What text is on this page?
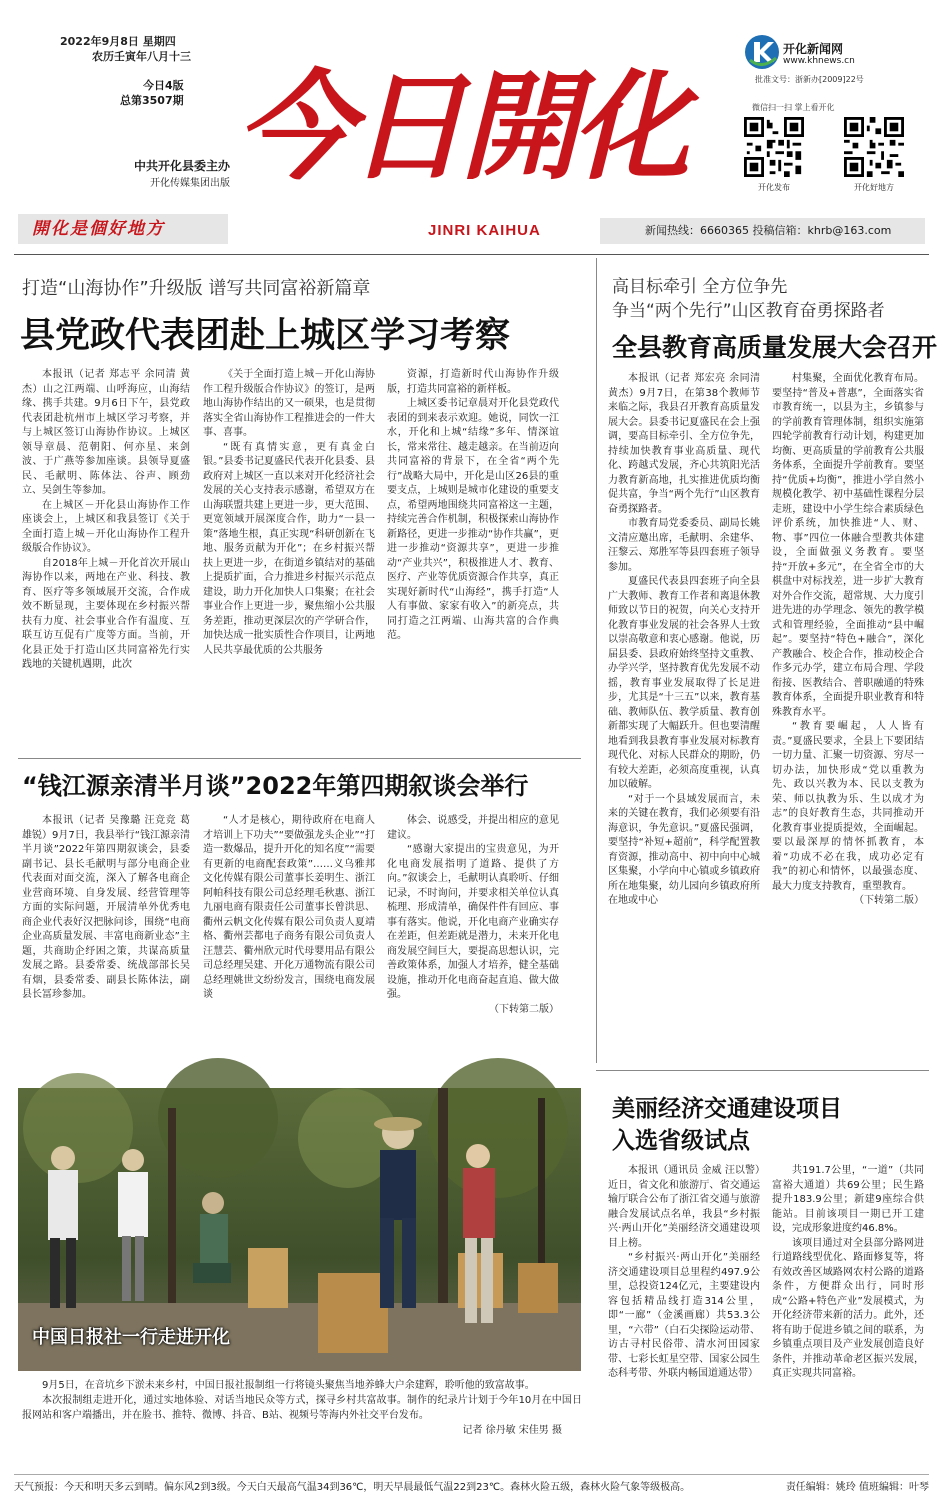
2022年9月8日 星期四
农历壬寅年八月十三
今日4版
总第3507期
中共开化县委主办
开化传媒集团出版 今日開化
JINRI KAIHUA
開化是個好地方
开化新闻网
www.khnews.cn
批准文号：浙新办[2009]22号
微信扫一扫 掌上看开化
开化发布	开化好地方
新闻热线：6660365 投稿信箱：khrb@163.com
打造“山海协作”升级版 谱写共同富裕新篇章
县党政代表团赴上城区学习考察

本报讯（记者 郑志平 余同清 黄杰）山之江两端、山呼海应，山海结缘、携手共建。9月6日下午，县党政代表团赴杭州市上城区学习考察，并与上城区签订山海协作协议。上城区领导章晨、范朝阳、何亦星、来剑波、于广燕等参加座谈。县领导夏盛民、毛献明、陈体法、谷声、顾劲立、吴剑生等参加。

在上城区－开化县山海协作工作座谈会上，上城区和我县签订《关于全面打造上城－开化山海协作工程升级版合作协议》。

自2018年上城－开化首次开展山海协作以来，两地在产业、科技、教育、医疗等多领域展开交流，合作成效不断显现，主要体现在乡村振兴帮扶有力度、社会事业合作有温度、互联互访互促有广度等方面。当前，开化县正处于打造山区共同富裕先行实践地的关键机遇期，此次

《关于全面打造上城－开化山海协作工程升级版合作协议》的签订，是两地山海协作结出的又一硕果，也是贯彻落实全省山海协作工程推进会的一件大事、喜事。

“既有真情实意，更有真金白银。”县委书记夏盛民代表开化县委、县政府对上城区一直以来对开化经济社会发展的关心支持表示感谢，希望双方在山海联盟共建上更进一步，更大范围、更宽领域开展深度合作，助力“一县一策”落地生根，真正实现“科研创新在飞地、服务贡献为开化”；在乡村振兴帮扶上更进一步，在街道乡镇结对的基础上提质扩面，合力推进乡村振兴示范点建设，助力开化加快人口集聚；在社会事业合作上更进一步，聚焦缩小公共服务差距，推动更深层次的产学研合作，加快达成一批实质性合作项目，让两地人民共享最优质的公共服务

资源，打造新时代山海协作升级版，打造共同富裕的新样板。

上城区委书记章晨对开化县党政代表团的到来表示欢迎。她说，同饮一江水，开化和上城“结缘”多年、情深谊长，常来常往、越走越亲。在当前迈向共同富裕的背景下，在全省“两个先行”战略大局中，开化是山区26县的重要支点，上城则是城市化建设的重要支点，希望两地围绕共同富裕这一主题，持续完善合作机制，积极探索山海协作新路径，更进一步推动“协作共赢”，更进一步推动“资源共享”，更进一步推动“产业共兴”，积极推进人才、教育、医疗、产业等优质资源合作共享，真正实现好新时代“山海经”，携手打造“人人有事做、家家有收入”的新亮点，共同打造之江两端、山海共富的合作典范。

“钱江源亲清半月谈”2022年第四期叙谈会举行

本报讯（记者 吴豫璐 汪竞竞 葛雄锐）9月7日，我县举行“钱江源亲清半月谈”2022年第四期叙谈会，县委副书记、县长毛献明与部分电商企业代表面对面交流，深入了解各电商企业营商环境、自身发展、经营管理等方面的实际问题，开展清单外优秀电商企业代表好汉把脉问诊，围绕“电商企业高质量发展、丰富电商新业态”主题，共商助企纾困之策，共谋高质量发展之路。县委常委、统战部部长吴有烟，县委常委、副县长陈体法，副县长冨珍参加。

“人才是核心，期待政府在电商人才培训上下功夫”“要做强龙头企业”“打造一数爆品，提升开化的知名度”“需要有更新的电商配套政策”……义乌雅邦文化传媒有限公司董事长姜明生、浙江阿帕科技有限公司总经理毛秋惠、浙江九丽电商有限责任公司董事长曾洪思、衢州云帆文化传媒有限公司负责人夏靖格、衢州芸都电子商务有限公司负责人汪慧芸、衢州欣元时代母婴用品有限公司总经理吴建、开化万通物流有限公司总经理姚世文纷纷发言，围绕电商发展谈

体会、说感受，并提出相应的意见建议。

“感谢大家提出的宝贵意见，为开化电商发展指明了道路、提供了方向。”叙谈会上，毛献明认真聆听、仔细记录，不时询问，并要求相关单位认真梳理、形成清单，确保件件有回应、事事有落实。他说，开化电商产业确实存在差距，但差距就是潜力，未来开化电商发展空间巨大，要提高思想认识，完善政策体系，加强人才培养，健全基础设施，推动开化电商奋起直追、做大做强。

（下转第二版）
高目标牵引 全方位争先
争当“两个先行”山区教育奋勇探路者
全县教育高质量发展大会召开

本报讯（记者 郑宏亮 余同清 黄杰）9月7日，在第38个教师节来临之际，我县召开教育高质量发展大会。县委书记夏盛民在会上强调，要高目标牵引、全方位争先，持续加快教育事业高质量、现代化、跨越式发展，齐心共筑阳光活力教育新高地，扎实推进优质均衡促共富，争当“两个先行”山区教育奋勇探路者。

市教育局党委委员、副局长姚文清应邀出席，毛献明、余建华、汪黎云、郑胜军等县四套班子领导参加。

夏盛民代表县四套班子向全县广大教师、教育工作者和离退休教师致以节日的祝贺，向关心支持开化教育事业发展的社会各界人士致以崇高敬意和衷心感谢。他说，历届县委、县政府始终坚持文重教、办学兴学，坚持教育优先发展不动摇，教育事业发展取得了长足进步，尤其是“十三五”以来，教育基础、教师队伍、教学质量、教育创新都实现了大幅跃升。但也要清醒地看到我县教育事业发展对标教育现代化、对标人民群众的期盼，仍有较大差距，必须高度重视，认真加以破解。

“对于一个县域发展而言，未来的关键在教育，我们必须要有沿海意识，争先意识。”夏盛民强调，要坚持“补短+超前”，科学配置教育资源，推动高中、初中向中心城区集聚，小学向中心镇或乡镇政府所在地集聚，幼儿园向乡镇政府所在地或中心

村集聚，全面优化教育布局。要坚持“普及+普惠”，全面落实省市教育统一，以县为主，乡镇参与的学前教育管理体制，组织实施第四轮学前教育行动计划，构建更加均衡、更高质量的学前教育公共服务体系，全面提升学前教育。要坚持“优质+均衡”，推进小学自然小规模化教学、初中基础性课程分层走班，建设中小学生综合素质绿色评价系统，加快推进“人、财、物、事”四位一体融合型教共体建设，全面做强义务教育。要坚持“开放+多元”，在全省全市的大棋盘中对标找差，进一步扩大教育对外合作交流，超常规、大力度引进先进的办学理念、领先的教学模式和管理经验，全面推动“县中崛起”。要坚持“特色+融合”，深化产教融合、校企合作，推动校企合作多元办学，建立布局合理、学段衔接、医教结合、普职融通的特殊教育体系，全面提升职业教育和特殊教育水平。

“教育要崛起，人人皆有责。”夏盛民要求，全县上下要团结一切力量、汇聚一切资源、穷尽一切办法，加快形成“党以重教为先、政以兴教为本、民以支教为荣、师以执教为乐、生以成才为志”的良好教育生态，共同推动开化教育事业提质提效，全面崛起。要以最深厚的情怀抓教育，本着“功成不必在我，成功必定有我”的初心和情怀，以最强态度、最大力度支持教育，重塑教育。

（下转第二版）
美丽经济交通建设项目
入选省级试点

本报讯（通讯员 金威 汪以警）近日，省文化和旅游厅、省交通运输厅联合公布了浙江省交通与旅游融合发展试点名单，我县“乡村振兴·两山开化”美丽经济交通建设项目上榜。

“乡村振兴·两山开化”美丽经济交通建设项目总里程约497.9公里，总投资124亿元，主要建设内容包括精品线打造314公里，即“一廊”（金溪画廊）共53.3公里，“六带”（白石尖探险运动带、访古寻村民俗带、清水河田园家带、七彩长虹星空带、国家公园生态科考带、外联内畅国道通达带）

共191.7公里，“一道”（共同富裕大通道）共69公里；民生路提升183.9公里；新建9座综合供能站。目前该项目一期已开工建设，完成形象进度约46.8%。

该项目通过对全县部分路网进行道路线型优化、路面修复等，将有效改善区域路网农村公路的道路条件，方便群众出行，同时形成“公路+特色产业”发展模式，为开化经济带来新的活力。此外，还将有助于促进乡镇之间的联系，为乡镇重点项目及产业发展创造良好条件，并推动革命老区振兴发展，真正实现共同富裕。

中国日报社一行走进开化

9月5日，在音坑乡下淤未来乡村，中国日报社报制组一行将镜头聚焦当地养蜂大户余建辉，聆听他的致富故事。

本次报制组走进开化，通过实地体验、对话当地民众等方式，探寻乡村共富故事。制作的纪录片计划于今年10月在中国日报网站和客户端播出，并在脸书、推特、微博、抖音、B站、视频号等海内外社交平台发布。

记者 徐丹敏 宋佳男 摄
天气预报：今天和明天多云到晴。偏东风2到3级。今天白天最高气温34到36℃，明天早晨最低气温22到23℃。森林火险五级，森林火险气象等级极高。	责任编辑：姚玲 值班编辑：叶琴
